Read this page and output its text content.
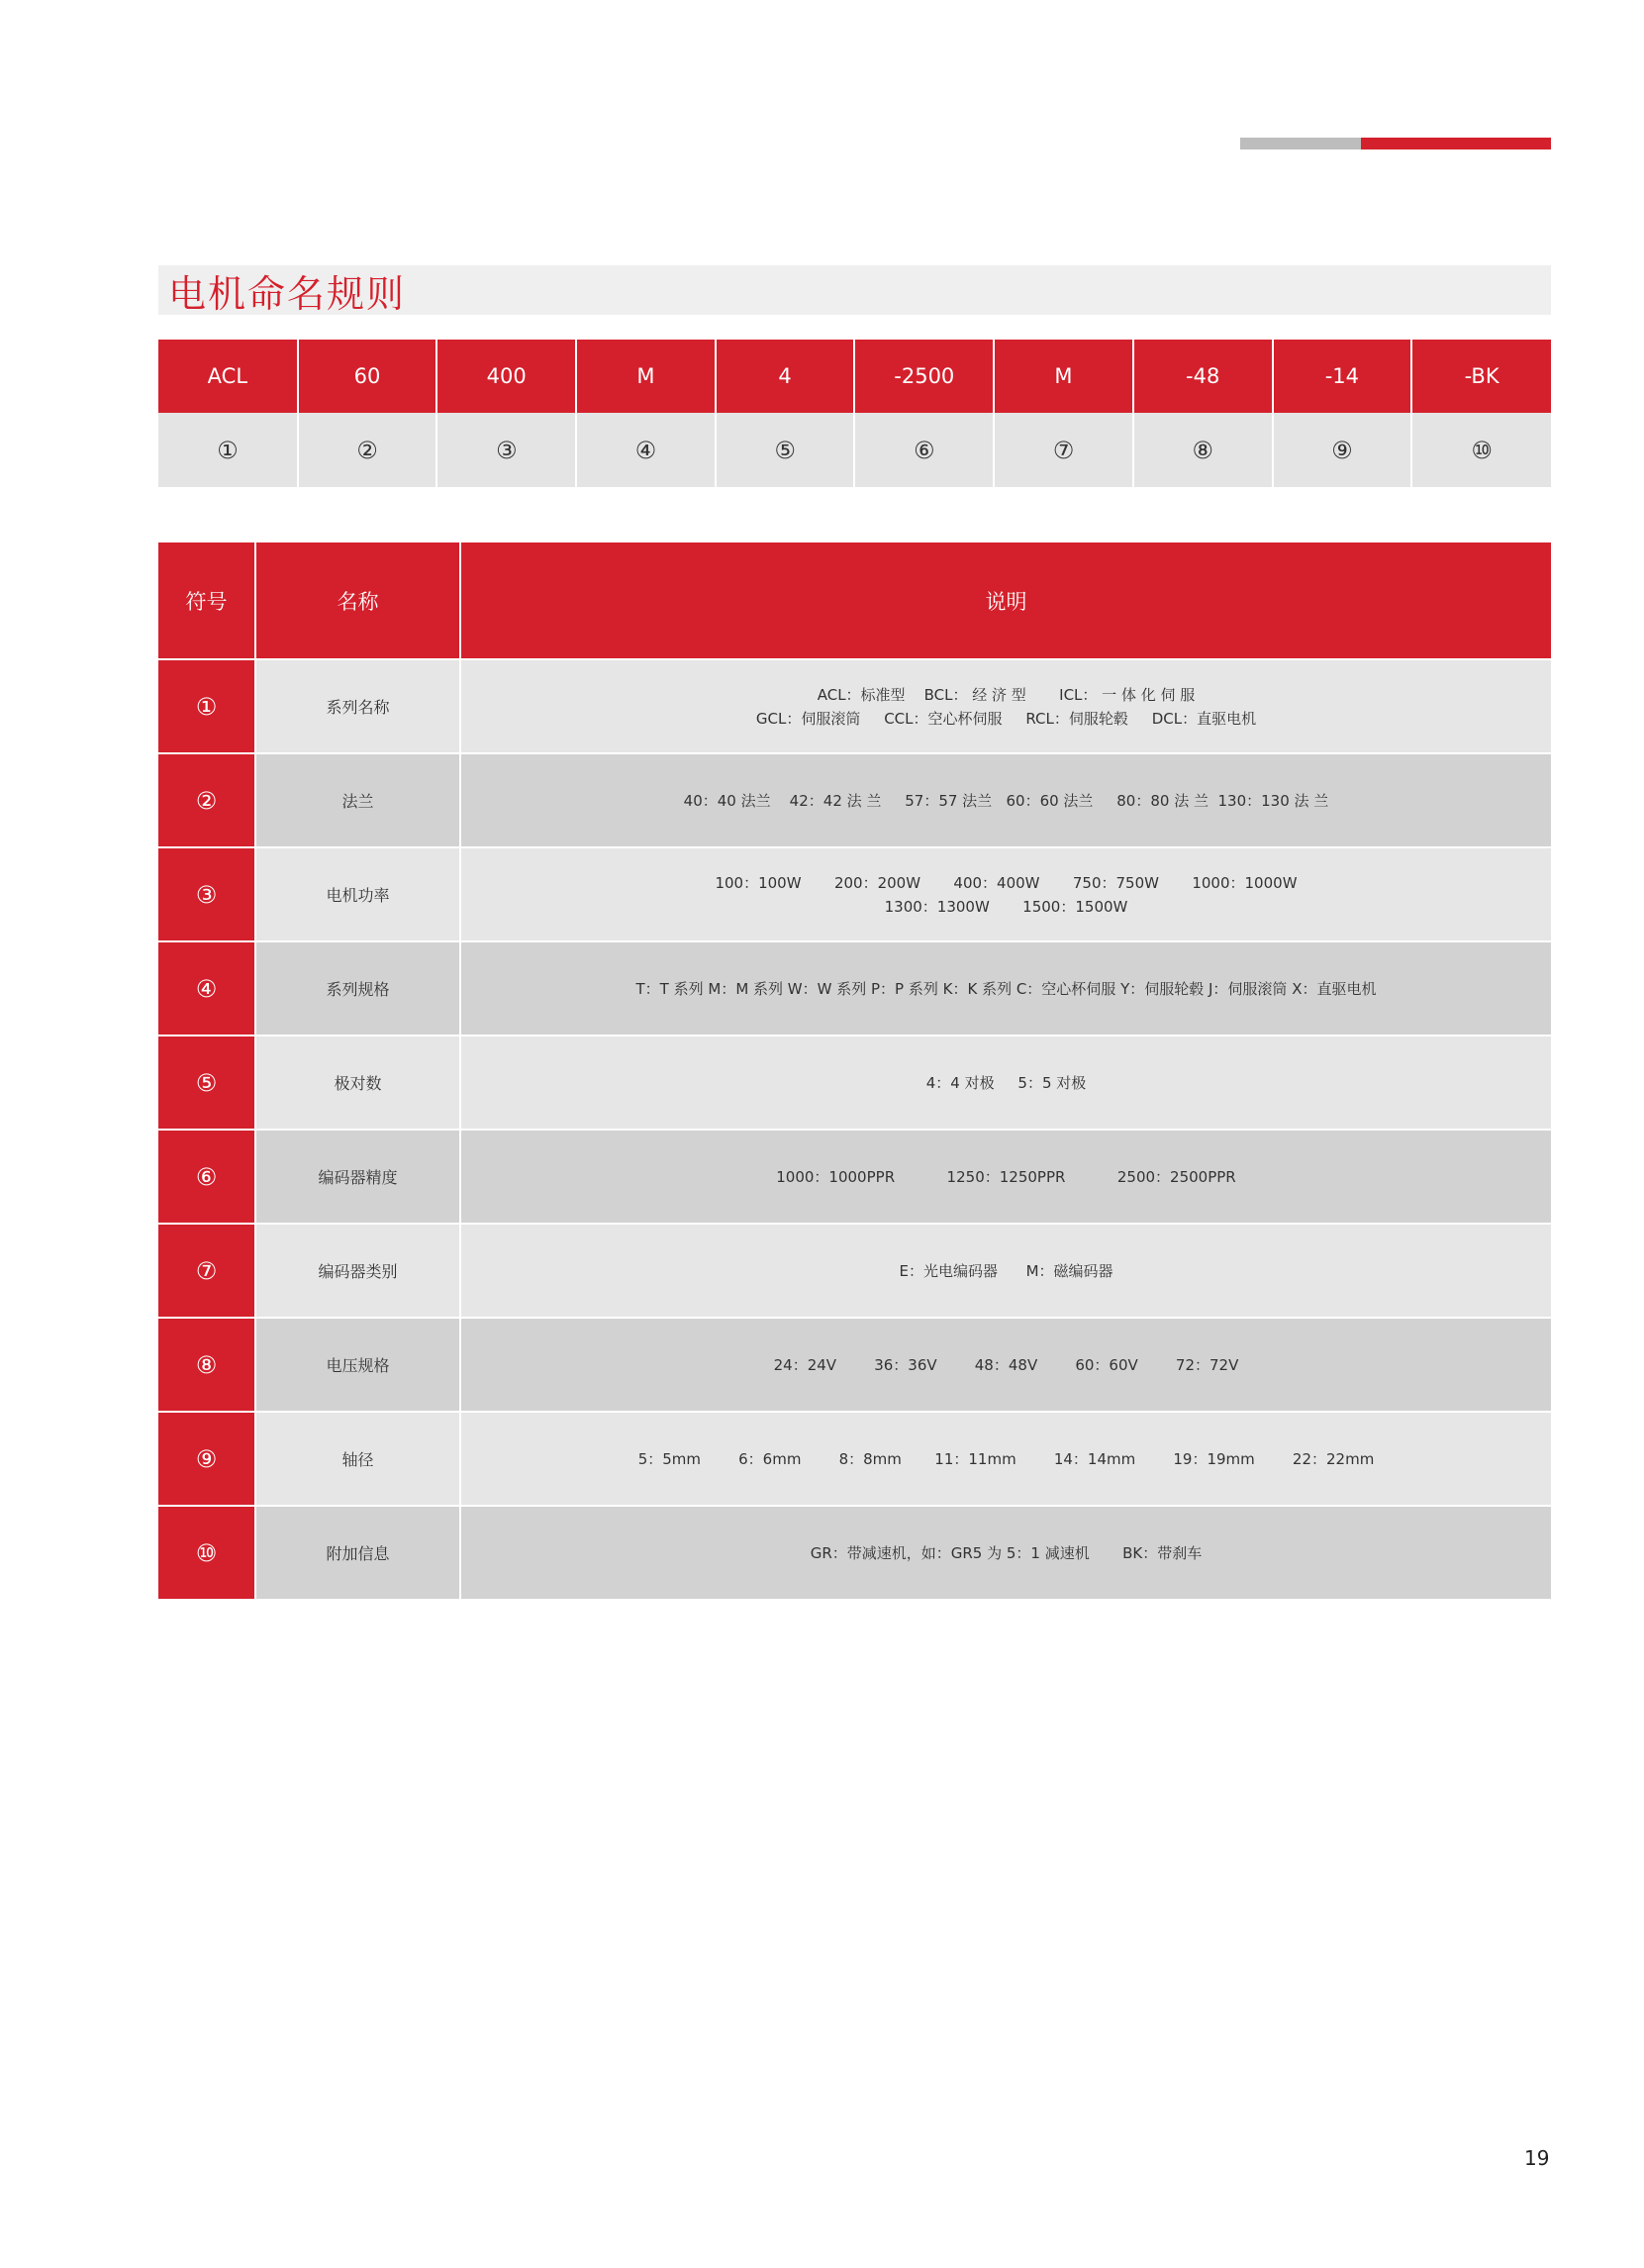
电机命名规则
ACL	60	400	M	4	-2500	M	-48	-14	-BK
①	②	③	④	⑤	⑥	⑦	⑧	⑨	⑩
符号	名称	说明
①	系列名称	ACL：标准型    BCL： 经 济 型       ICL： 一 体 化 伺 服
GCL：伺服滚筒     CCL：空心杯伺服     RCL：伺服轮毂     DCL：直驱电机
②	法兰	40：40 法兰    42：42 法 兰     57：57 法兰   60：60 法兰     80：80 法 兰  130：130 法 兰
③	电机功率	100：100W       200：200W       400：400W       750：750W       1000：1000W
1300：1300W       1500：1500W
④	系列规格	T：T 系列 M：M 系列 W：W 系列 P：P 系列 K：K 系列 C：空心杯伺服 Y：伺服轮毂 J：伺服滚筒 X：直驱电机
⑤	极对数	4：4 对极     5：5 对极
⑥	编码器精度	1000：1000PPR           1250：1250PPR           2500：2500PPR
⑦	编码器类别	E：光电编码器      M：磁编码器
⑧	电压规格	24：24V        36：36V        48：48V        60：60V        72：72V
⑨	轴径	5：5mm        6：6mm        8：8mm       11：11mm        14：14mm        19：19mm        22：22mm
⑩	附加信息	GR：带减速机，如：GR5 为 5：1 减速机       BK：带刹车
19
